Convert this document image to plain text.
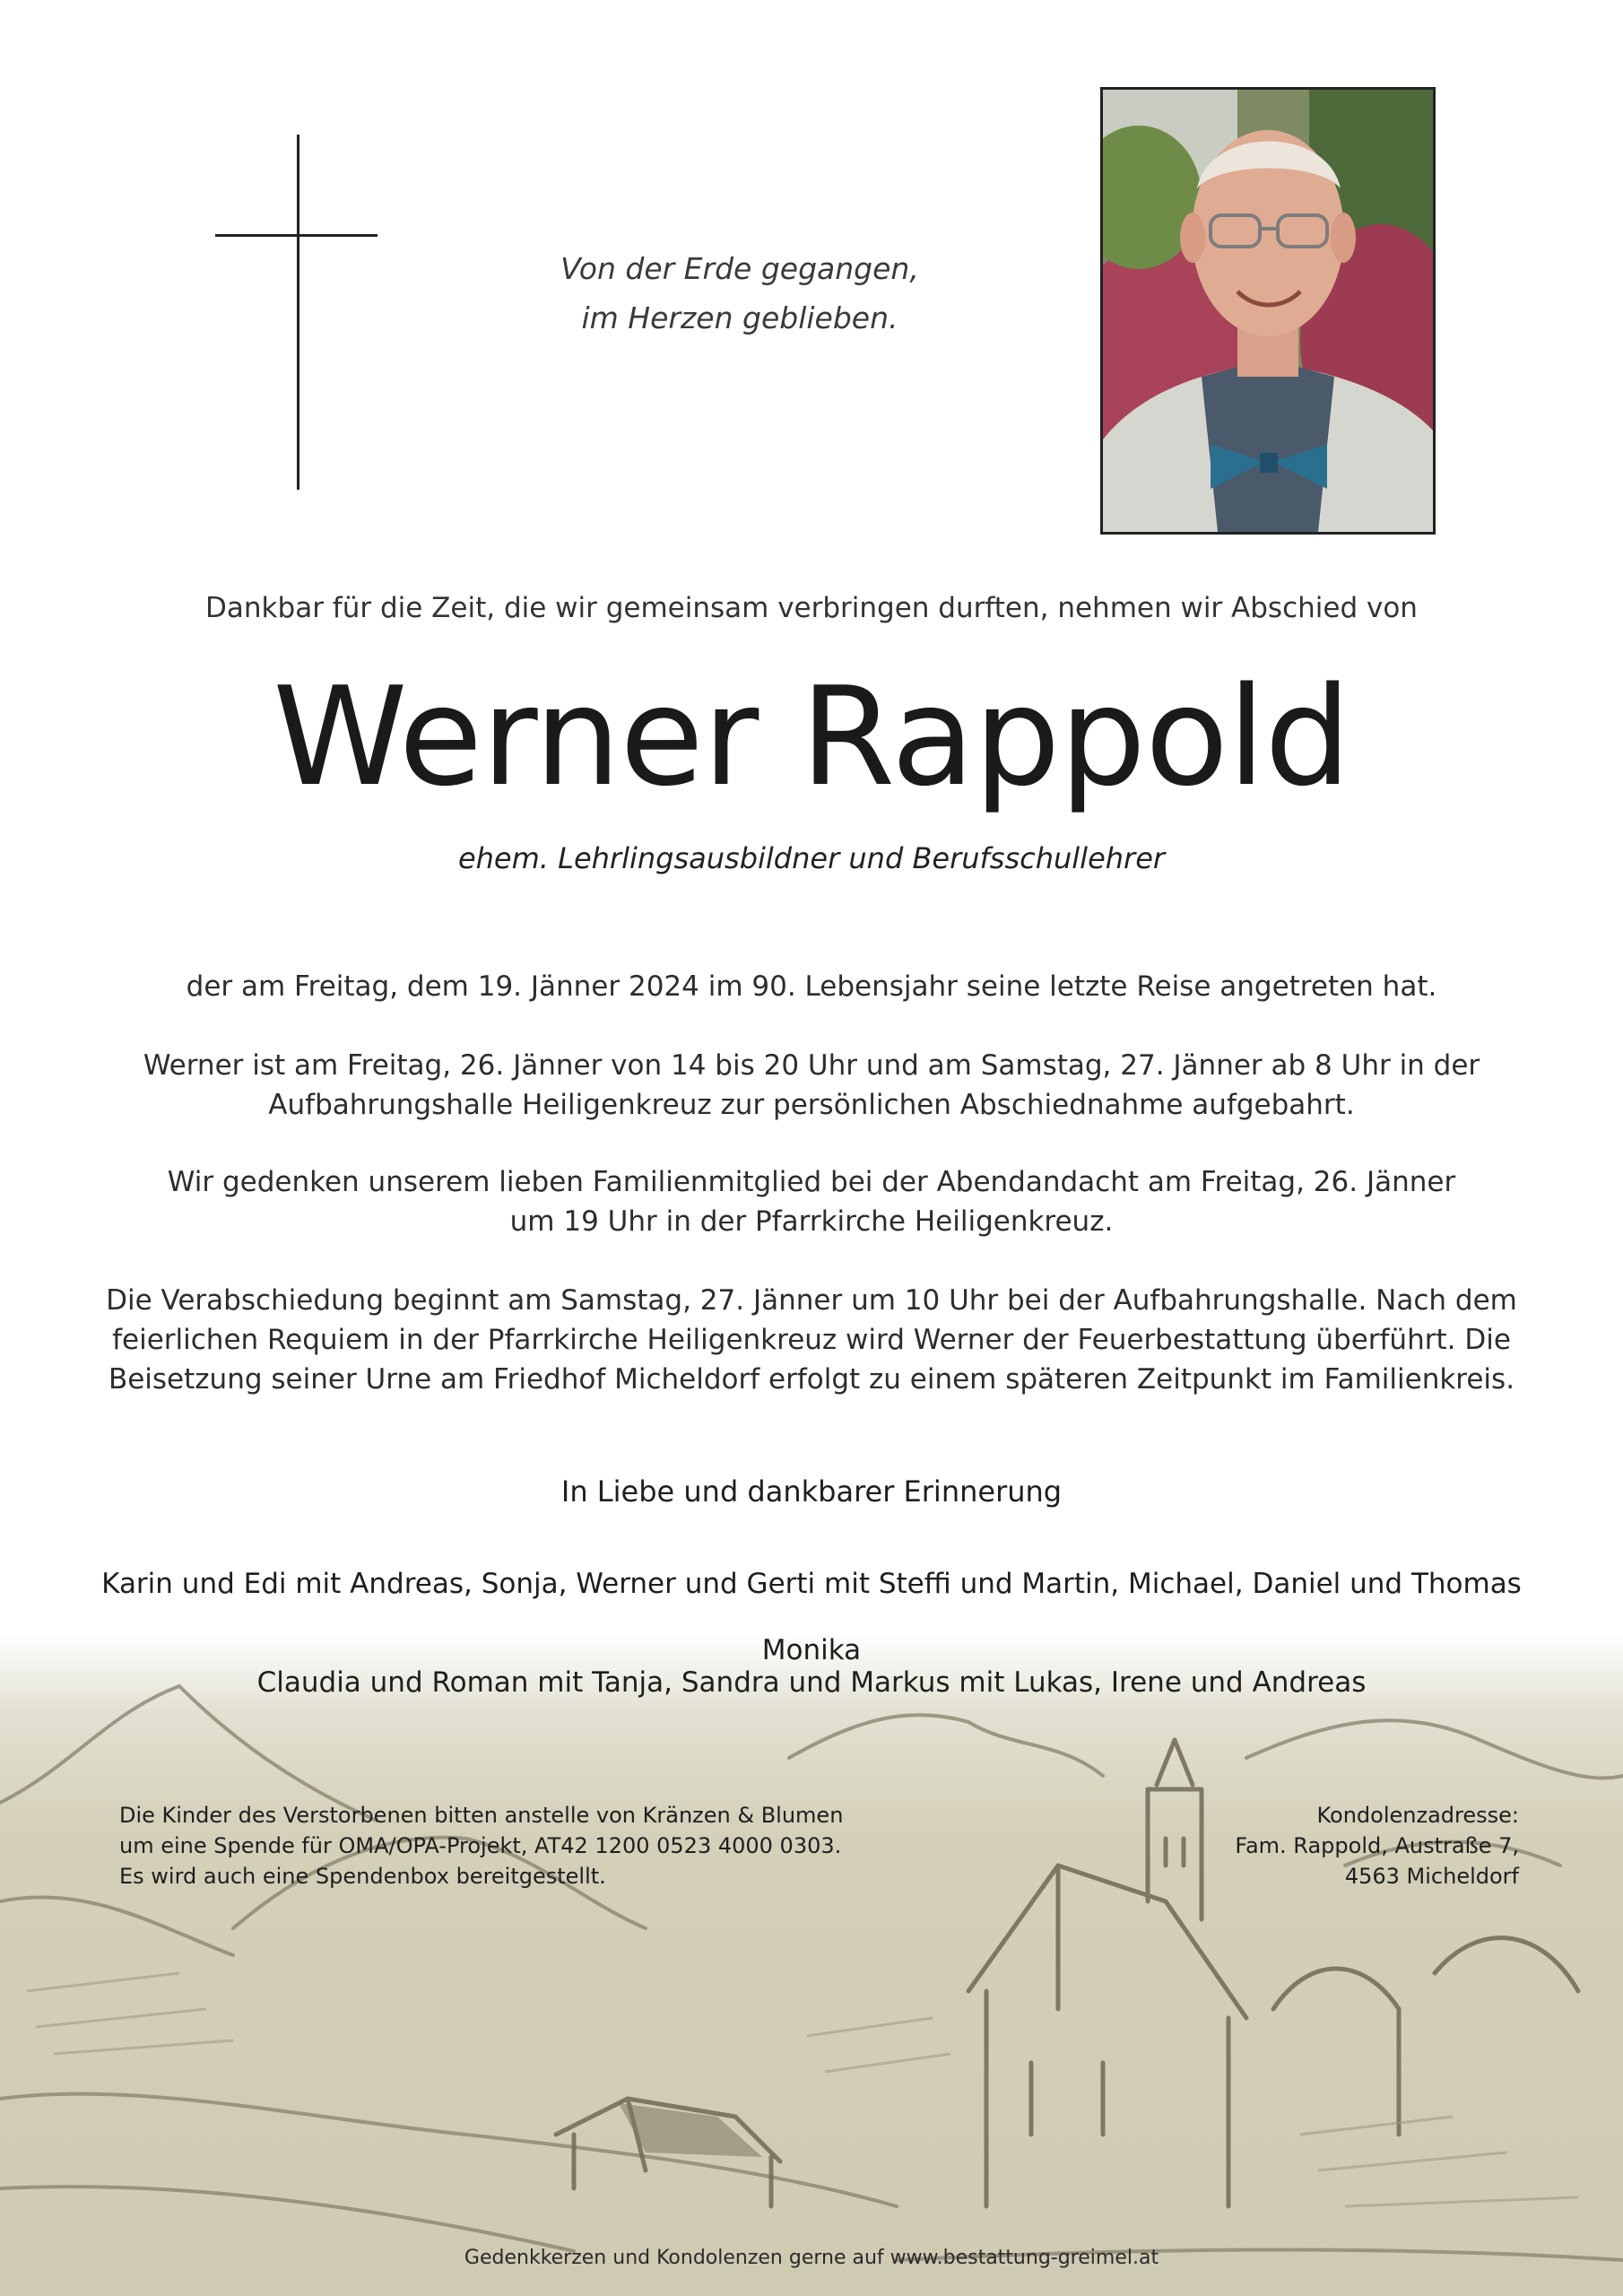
Von der Erde gegangen,
im Herzen geblieben.
Dankbar für die Zeit, die wir gemeinsam verbringen durften, nehmen wir Abschied von
Werner Rappold
ehem. Lehrlingsausbildner und Berufsschullehrer
der am Freitag, dem 19. Jänner 2024 im 90. Lebensjahr seine letzte Reise angetreten hat.
Werner ist am Freitag, 26. Jänner von 14 bis 20 Uhr und am Samstag, 27. Jänner ab 8 Uhr in der
Aufbahrungshalle Heiligenkreuz zur persönlichen Abschiednahme aufgebahrt.
Wir gedenken unserem lieben Familienmitglied bei der Abendandacht am Freitag, 26. Jänner
um 19 Uhr in der Pfarrkirche Heiligenkreuz.
Die Verabschiedung beginnt am Samstag, 27. Jänner um 10 Uhr bei der Aufbahrungshalle. Nach dem
feierlichen Requiem in der Pfarrkirche Heiligenkreuz wird Werner der Feuerbestattung überführt. Die
Beisetzung seiner Urne am Friedhof Micheldorf erfolgt zu einem späteren Zeitpunkt im Familienkreis.
In Liebe und dankbarer Erinnerung
Karin und Edi mit Andreas, Sonja, Werner und Gerti mit Steffi und Martin, Michael, Daniel und Thomas
Monika
Claudia und Roman mit Tanja, Sandra und Markus mit Lukas, Irene und Andreas
Die Kinder des Verstorbenen bitten anstelle von Kränzen & Blumen
um eine Spende für OMA/OPA-Projekt, AT42 1200 0523 4000 0303.
Es wird auch eine Spendenbox bereitgestellt.
Kondolenzadresse:
Fam. Rappold, Austraße 7,
4563 Micheldorf
Gedenkkerzen und Kondolenzen gerne auf www.bestattung-greimel.at
